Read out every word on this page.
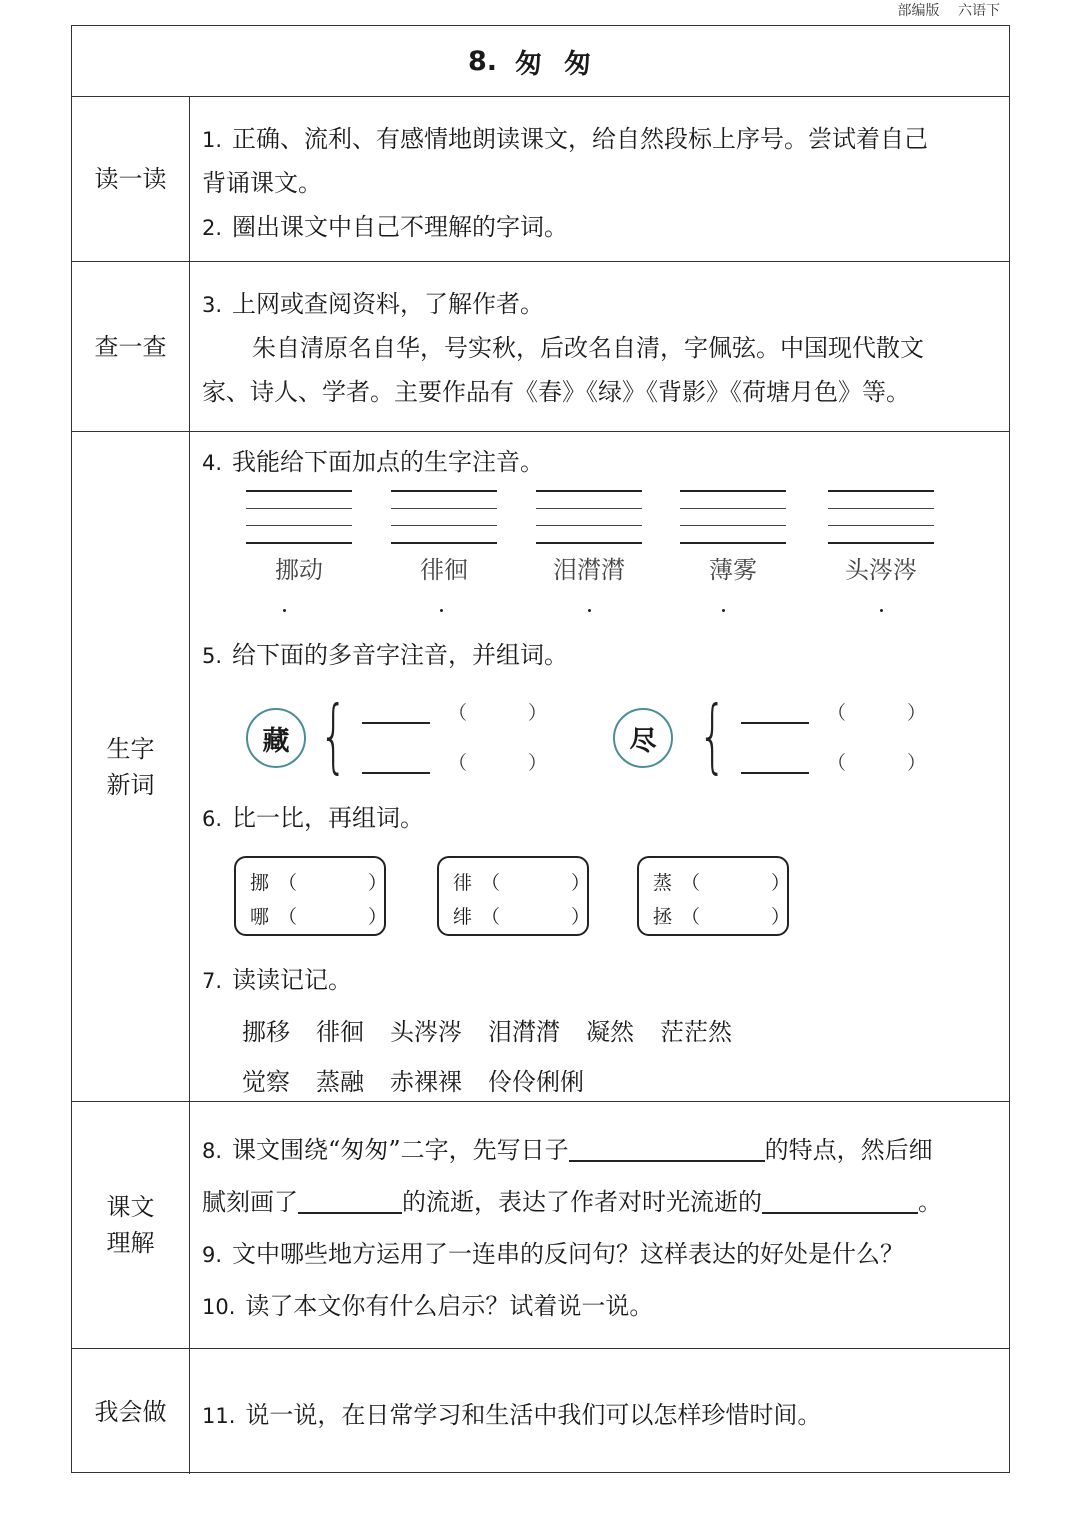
部编版 六语下
8. 匆匆
读一读
1. 正确、流利、有感情地朗读课文，给自然段标上序号。尝试着自己
背诵课文。
2. 圈出课文中自己不理解的字词。
查一查
3. 上网或查阅资料，了解作者。
朱自清原名自华，号实秋，后改名自清，字佩弦。中国现代散文
家、诗人、学者。主要作品有《春》《绿》《背影》《荷塘月色》等。
生字
新词
4. 我能给下面加点的生字注音。
挪动	徘徊	泪潸潸	薄雾	头涔涔
5. 给下面的多音字注音，并组词。
藏 {	（	）
（	）
尽 {	（	）
（	）
6. 比一比，再组词。
挪 （	）
哪 （	）
徘 （	）
绯 （	）
蒸 （	）
拯 （	）
7. 读读记记。
挪移 徘徊 头涔涔 泪潸潸 凝然 茫茫然
觉察 蒸融 赤裸裸 伶伶俐俐
课文
理解
8. 课文围绕“匆匆”二字，先写日子	的特点，然后细
腻刻画了	的流逝，表达了作者对时光流逝的	。
9. 文中哪些地方运用了一连串的反问句？这样表达的好处是什么？
10. 读了本文你有什么启示？试着说一说。
我会做	11. 说一说，在日常学习和生活中我们可以怎样珍惜时间。
